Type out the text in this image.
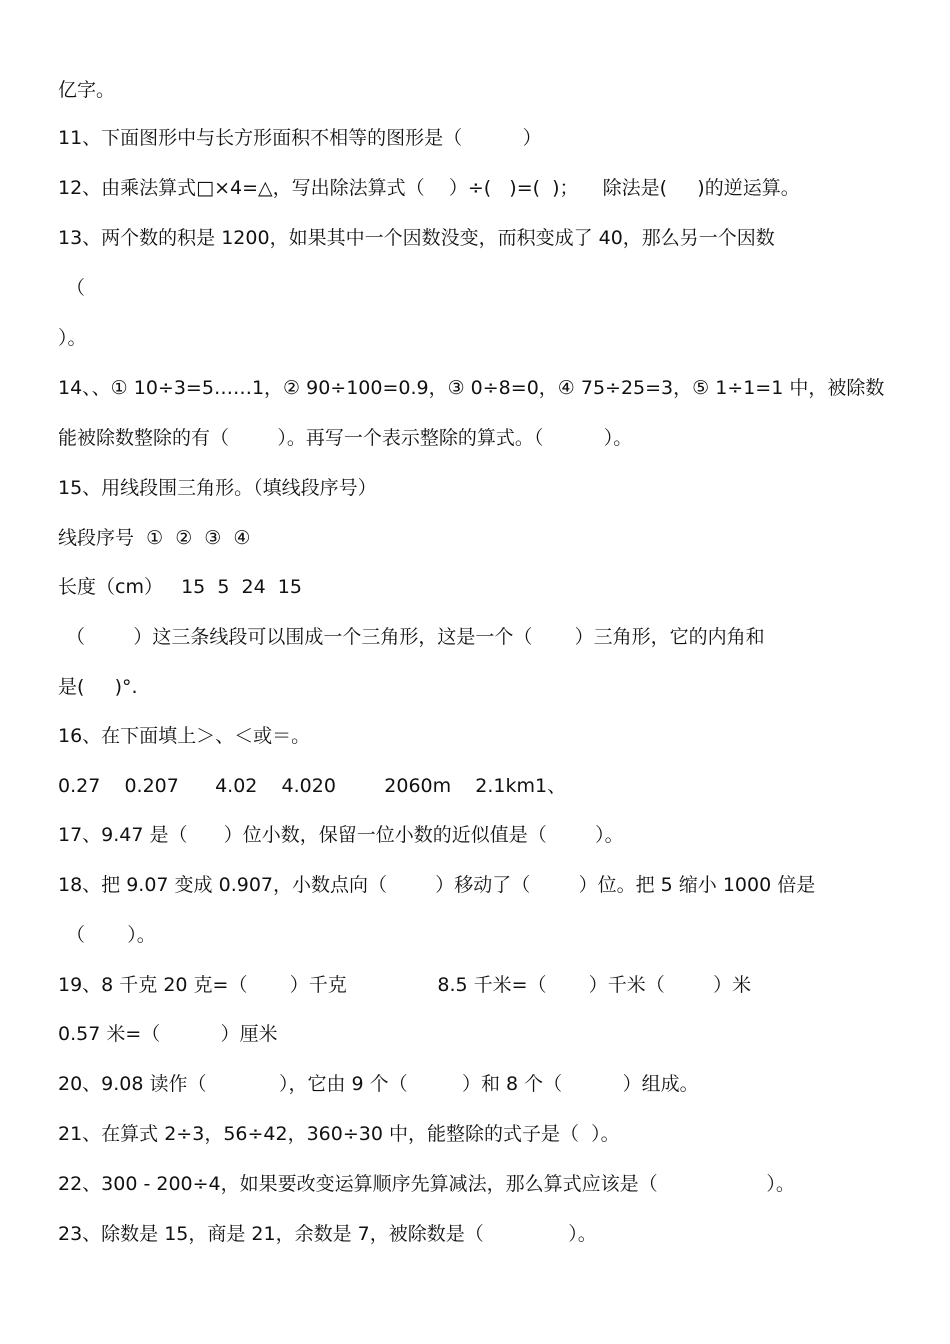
亿字。
11、下面图形中与长方形面积不相等的图形是（          ）
12、由乘法算式□×4=△，写出除法算式（    ）÷(   )=(  )；    除法是(     )的逆运算。
13、两个数的积是 1200，如果其中一个因数没变，而积变成了 40，那么另一个因数
（
）。
14、、① 10÷3=5……1，② 90÷100=0.9，③ 0÷8=0，④ 75÷25=3，⑤ 1÷1=1 中，被除数
能被除数整除的有（        ）。再写一个表示整除的算式。（          ）。
15、用线段围三角形。（填线段序号）
线段序号  ①  ②  ③  ④
长度（cm）   15  5  24  15
（        ）这三条线段可以围成一个三角形，这是一个（       ）三角形，它的内角和
是(     )°.
16、在下面填上＞、＜或＝。
0.27    0.207      4.02    4.020        2060m    2.1km1、
17、9.47 是（      ）位小数，保留一位小数的近似值是（        ）。
18、把 9.07 变成 0.907，小数点向（        ）移动了（        ）位。把 5 缩小 1000 倍是
（       ）。
19、8 千克 20 克=（       ）千克               8.5 千米=（       ）千米（        ）米
0.57 米=（          ）厘米
20、9.08 读作（            ），它由 9 个（         ）和 8 个（          ）组成。
21、在算式 2÷3，56÷42，360÷30 中，能整除的式子是（  ）。
22、300 - 200÷4，如果要改变运算顺序先算减法，那么算式应该是（                  ）。
23、除数是 15，商是 21，余数是 7，被除数是（              ）。
